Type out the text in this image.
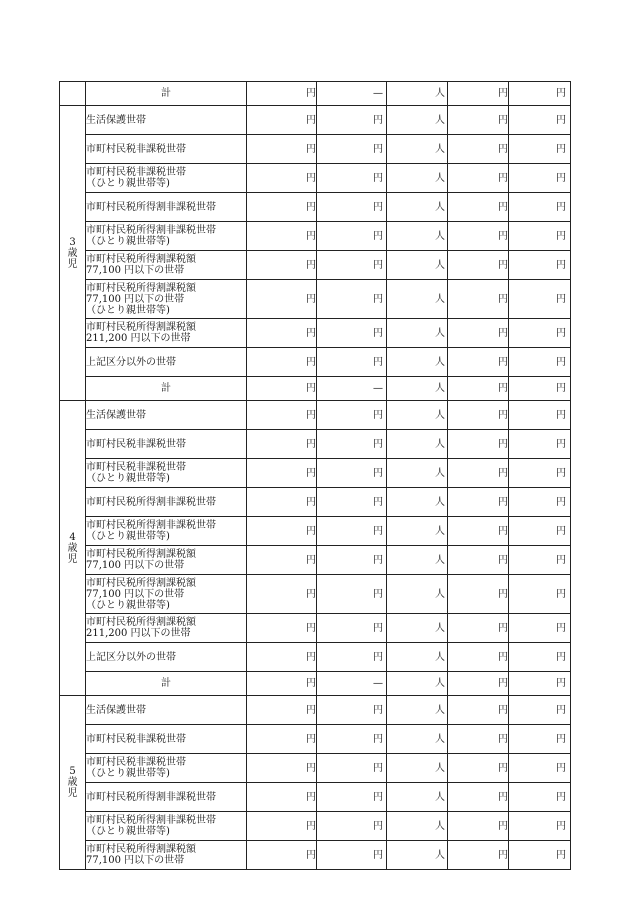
	計	円	—	人	円	円

3
歳
児	生活保護世帯	円	円	人	円	円

	市町村民税非課税世帯	円	円	人	円	円

	市町村民税非課税世帯
（ひとり親世帯等)	円	円	人	円	円

	市町村民税所得割非課税世帯	円	円	人	円	円

	市町村民税所得割非課税世帯
（ひとり親世帯等)	円	円	人	円	円

	市町村民税所得割課税額
77,100 円以下の世帯	円	円	人	円	円

	市町村民税所得割課税額
77,100 円以下の世帯
（ひとり親世帯等)	円	円	人	円	円

	市町村民税所得割課税額
211,200 円以下の世帯	円	円	人	円	円

	上記区分以外の世帯	円	円	人	円	円

	計	円	—	人	円	円

4
歳
児	生活保護世帯	円	円	人	円	円

	市町村民税非課税世帯	円	円	人	円	円

	市町村民税非課税世帯
（ひとり親世帯等)	円	円	人	円	円

	市町村民税所得割非課税世帯	円	円	人	円	円

	市町村民税所得割非課税世帯
（ひとり親世帯等)	円	円	人	円	円

	市町村民税所得割課税額
77,100 円以下の世帯	円	円	人	円	円

	市町村民税所得割課税額
77,100 円以下の世帯
（ひとり親世帯等)	円	円	人	円	円

	市町村民税所得割課税額
211,200 円以下の世帯	円	円	人	円	円

	上記区分以外の世帯	円	円	人	円	円

	計	円	—	人	円	円

5
歳
児	生活保護世帯	円	円	人	円	円

	市町村民税非課税世帯	円	円	人	円	円

	市町村民税非課税世帯
（ひとり親世帯等)	円	円	人	円	円

	市町村民税所得割非課税世帯	円	円	人	円	円

	市町村民税所得割非課税世帯
（ひとり親世帯等)	円	円	人	円	円

	市町村民税所得割課税額
77,100 円以下の世帯	円	円	人	円	円
